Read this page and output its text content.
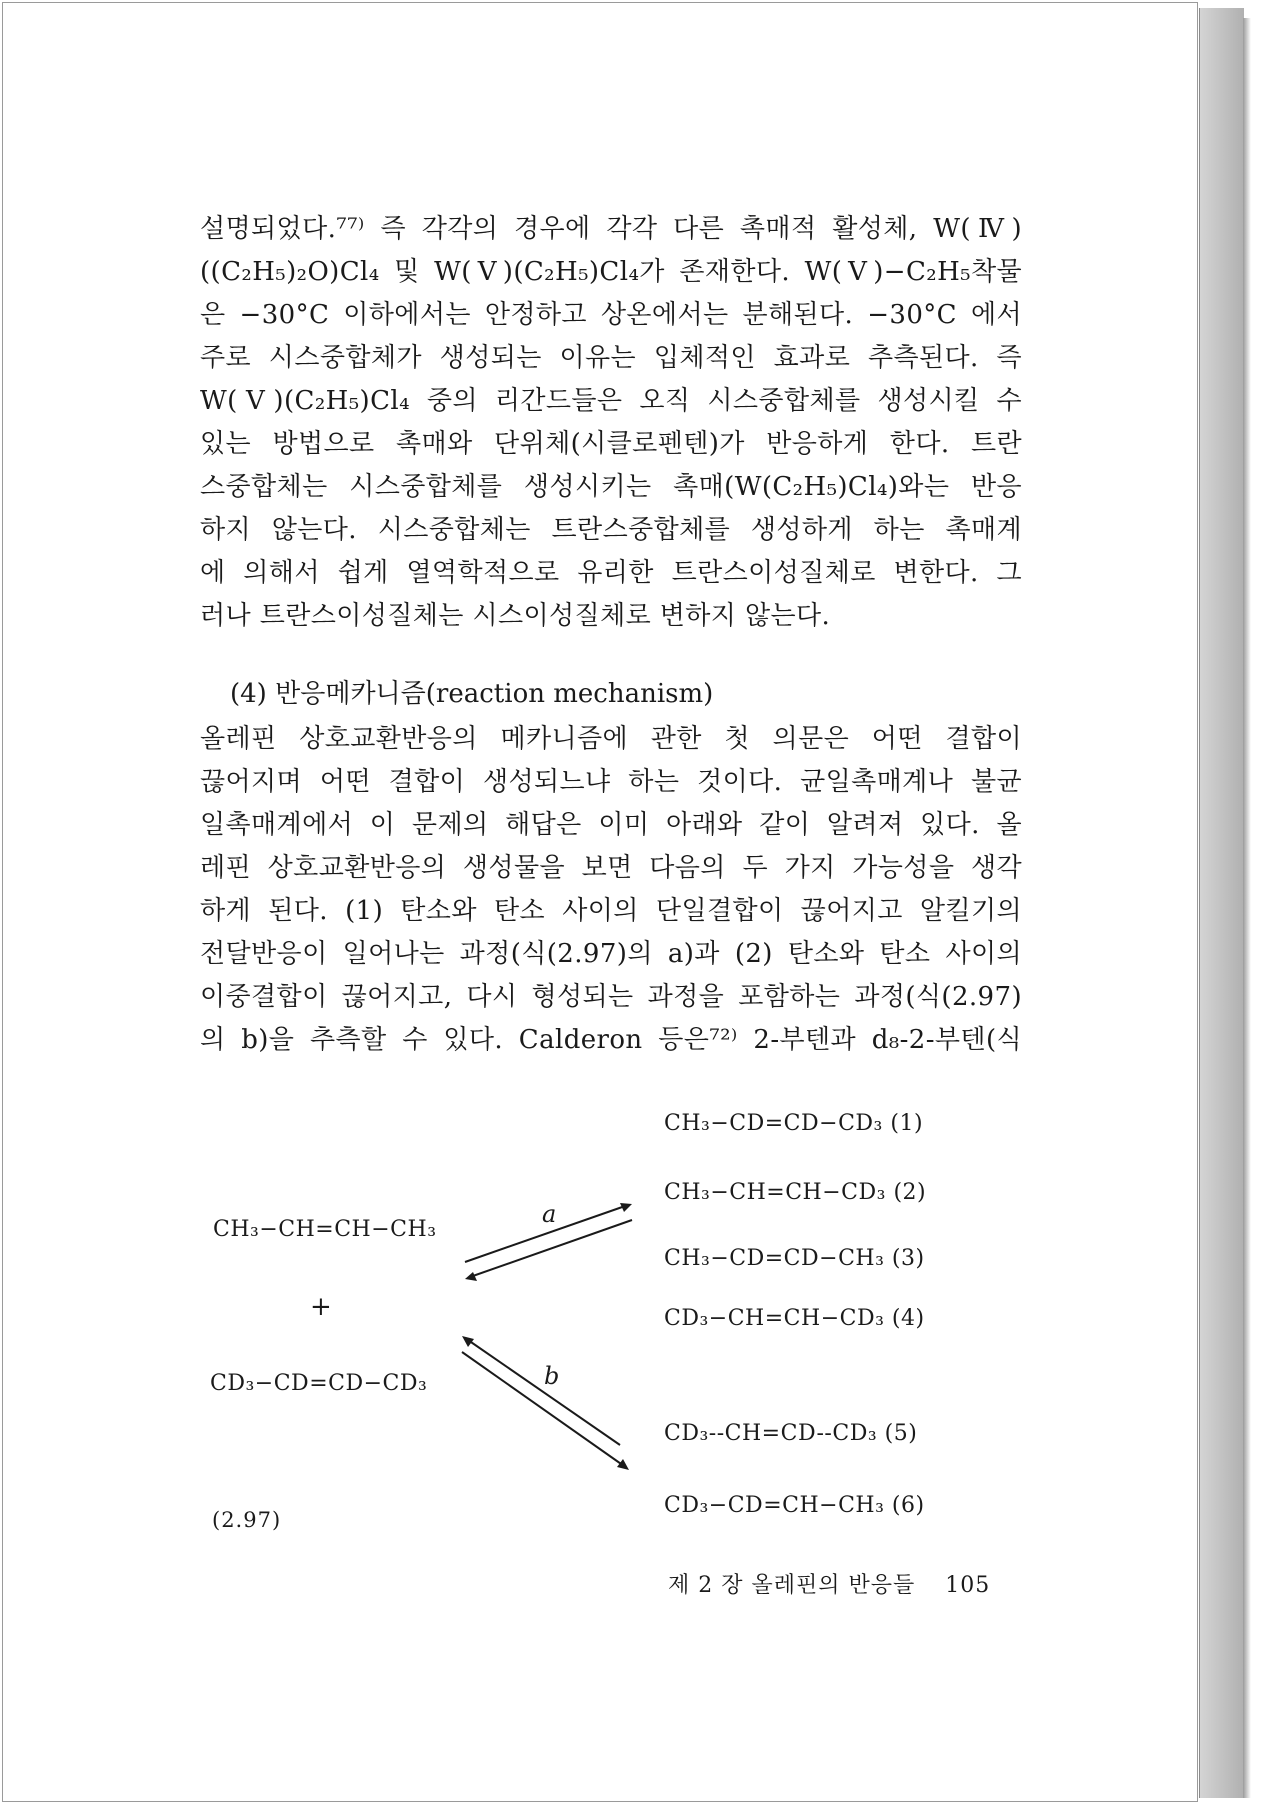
설명되었다.⁷⁷⁾ 즉 각각의 경우에 각각 다른 촉매적 활성체, W(Ⅳ)
((C₂H₅)₂O)Cl₄ 및 W(Ⅴ)(C₂H₅)Cl₄가 존재한다. W(Ⅴ)−C₂H₅착물
은 −30°C 이하에서는 안정하고 상온에서는 분해된다. −30°C 에서
주로 시스중합체가 생성되는 이유는 입체적인 효과로 추측된다. 즉
W(Ⅴ)(C₂H₅)Cl₄ 중의 리간드들은 오직 시스중합체를 생성시킬 수
있는 방법으로 촉매와 단위체(시클로펜텐)가 반응하게 한다. 트란
스중합체는 시스중합체를 생성시키는 촉매(W(C₂H₅)Cl₄)와는 반응
하지 않는다. 시스중합체는 트란스중합체를 생성하게 하는 촉매계
에 의해서 쉽게 열역학적으로 유리한 트란스이성질체로 변한다. 그
러나 트란스이성질체는 시스이성질체로 변하지 않는다.
(4) 반응메카니즘(reaction mechanism)
올레핀 상호교환반응의 메카니즘에 관한 첫 의문은 어떤 결합이
끊어지며 어떤 결합이 생성되느냐 하는 것이다. 균일촉매계나 불균
일촉매계에서 이 문제의 해답은 이미 아래와 같이 알려져 있다. 올
레핀 상호교환반응의 생성물을 보면 다음의 두 가지 가능성을 생각
하게 된다. (1) 탄소와 탄소 사이의 단일결합이 끊어지고 알킬기의
전달반응이 일어나는 과정(식(2.97)의 a)과 (2) 탄소와 탄소 사이의
이중결합이 끊어지고, 다시 형성되는 과정을 포함하는 과정(식(2.97)
의 b)을 추측할 수 있다. Calderon 등은⁷²⁾ 2-부텐과 d₈-2-부텐(식
CH₃−CH=CH−CH₃
+
CD₃−CD=CD−CD₃
a
b
CH₃−CD=CD−CD₃ (1)
CH₃−CH=CH−CD₃ (2)
CH₃−CD=CD−CH₃ (3)
CD₃−CH=CH−CD₃ (4)
CD₃--CH=CD--CD₃ (5)
CD₃−CD=CH−CH₃ (6)
(2.97)
제 2 장 올레핀의 반응들 105
